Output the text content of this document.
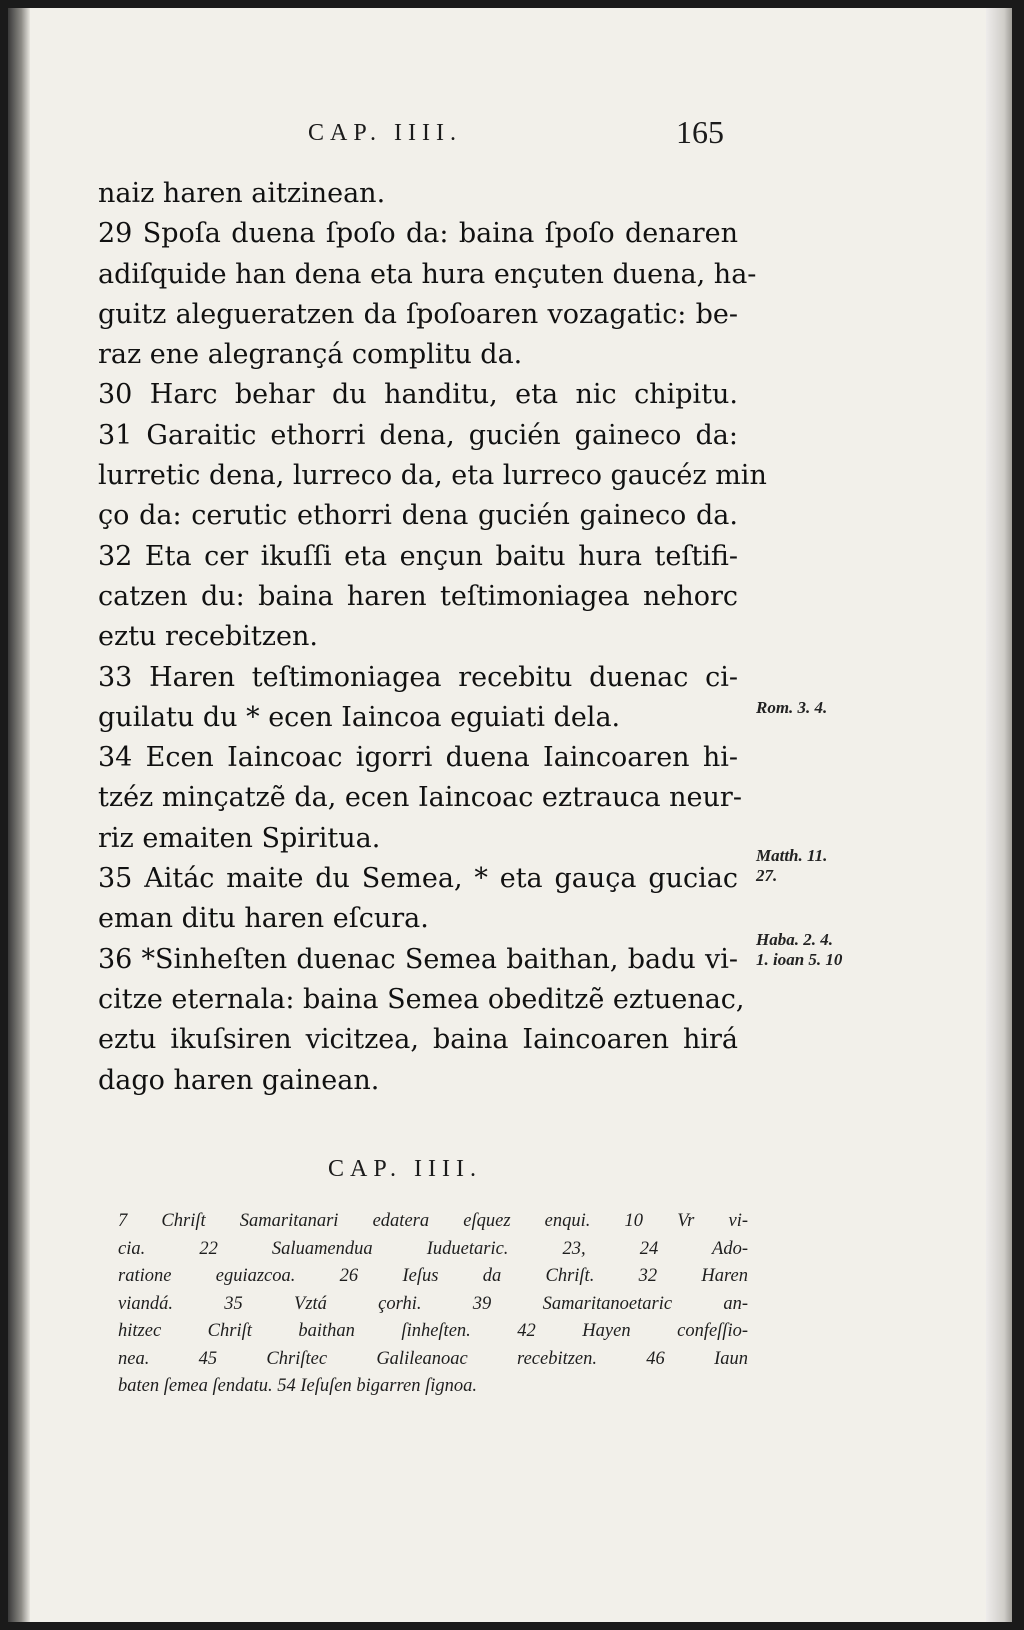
CAP. IIII.	165
naiz haren aitzinean.
29 Spoſa duena ſpoſo da: baina ſpoſo denaren
adiſquide han dena eta hura ençuten duena, ha-
guitz alegueratzen da ſpoſoaren vozagatic: be-
raz ene alegrançá complitu da.
30 Harc behar du handitu, eta nic chipitu.
31 Garaitic ethorri dena, gucién gaineco da:
lurretic dena, lurreco da, eta lurreco gaucéz min
ço da: cerutic ethorri dena gucién gaineco da.
32 Eta cer ikuſſi eta ençun baitu hura teſtifi-
catzen du: baina haren teſtimoniagea nehorc
eztu recebitzen.
33 Haren teſtimoniagea recebitu duenac ci-
guilatu du * ecen Iaincoa eguiati dela.
34 Ecen Iaincoac igorri duena Iaincoaren hi-
tzéz minçatzẽ da, ecen Iaincoac eztrauca neur-
riz emaiten Spiritua.
35 Aitác maite du Semea, * eta gauça guciac
eman ditu haren eſcura.
36 *Sinheſten duenac Semea baithan, badu vi-
citze eternala: baina Semea obeditzẽ eztuenac,
eztu ikuſsiren vicitzea, baina Iaincoaren hirá
dago haren gainean.
Rom. 3. 4.
Matth. 11.
27.
Haba. 2. 4.
1. ioan 5. 10
CAP. IIII.
7 Chriſt Samaritanari edatera eſquez enqui. 10 Vr vi-
cia. 22 Saluamendua Iuduetaric. 23, 24 Ado-
ratione eguiazcoa. 26 Ieſus da Chriſt. 32 Haren
viandá. 35 Vztá çorhi. 39 Samaritanoetaric an-
hitzec Chriſt baithan ſinheſten. 42 Hayen confeſſio-
nea. 45 Chriſtec Galileanoac recebitzen. 46 Iaun
baten ſemea ſendatu. 54 Ieſuſen bigarren ſignoa.
